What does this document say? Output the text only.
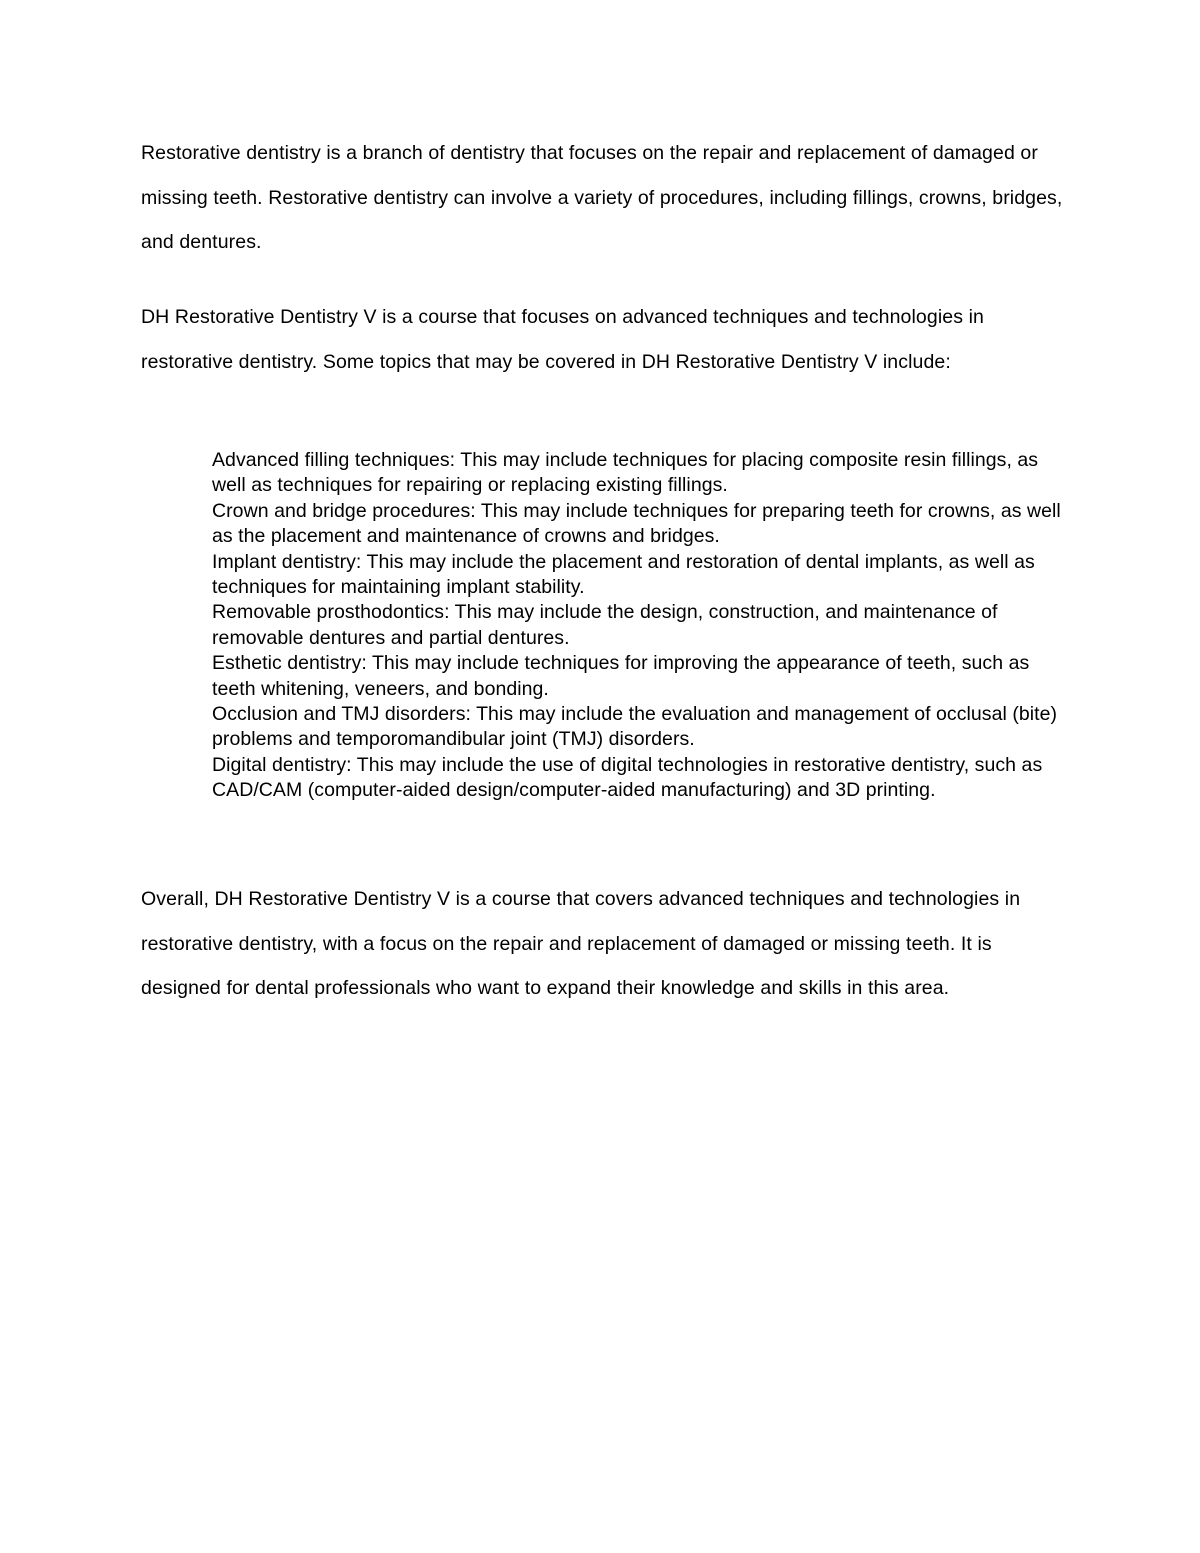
Restorative dentistry is a branch of dentistry that focuses on the repair and replacement of damaged or missing teeth. Restorative dentistry can involve a variety of procedures, including fillings, crowns, bridges, and dentures.

DH Restorative Dentistry V is a course that focuses on advanced techniques and technologies in restorative dentistry. Some topics that may be covered in DH Restorative Dentistry V include:

Advanced filling techniques: This may include techniques for placing composite resin fillings, as well as techniques for repairing or replacing existing fillings.
Crown and bridge procedures: This may include techniques for preparing teeth for crowns, as well as the placement and maintenance of crowns and bridges.
Implant dentistry: This may include the placement and restoration of dental implants, as well as techniques for maintaining implant stability.
Removable prosthodontics: This may include the design, construction, and maintenance of removable dentures and partial dentures.
Esthetic dentistry: This may include techniques for improving the appearance of teeth, such as teeth whitening, veneers, and bonding.
Occlusion and TMJ disorders: This may include the evaluation and management of occlusal (bite) problems and temporomandibular joint (TMJ) disorders.
Digital dentistry: This may include the use of digital technologies in restorative dentistry, such as CAD/CAM (computer-aided design/computer-aided manufacturing) and 3D printing.

Overall, DH Restorative Dentistry V is a course that covers advanced techniques and technologies in restorative dentistry, with a focus on the repair and replacement of damaged or missing teeth. It is designed for dental professionals who want to expand their knowledge and skills in this area.
